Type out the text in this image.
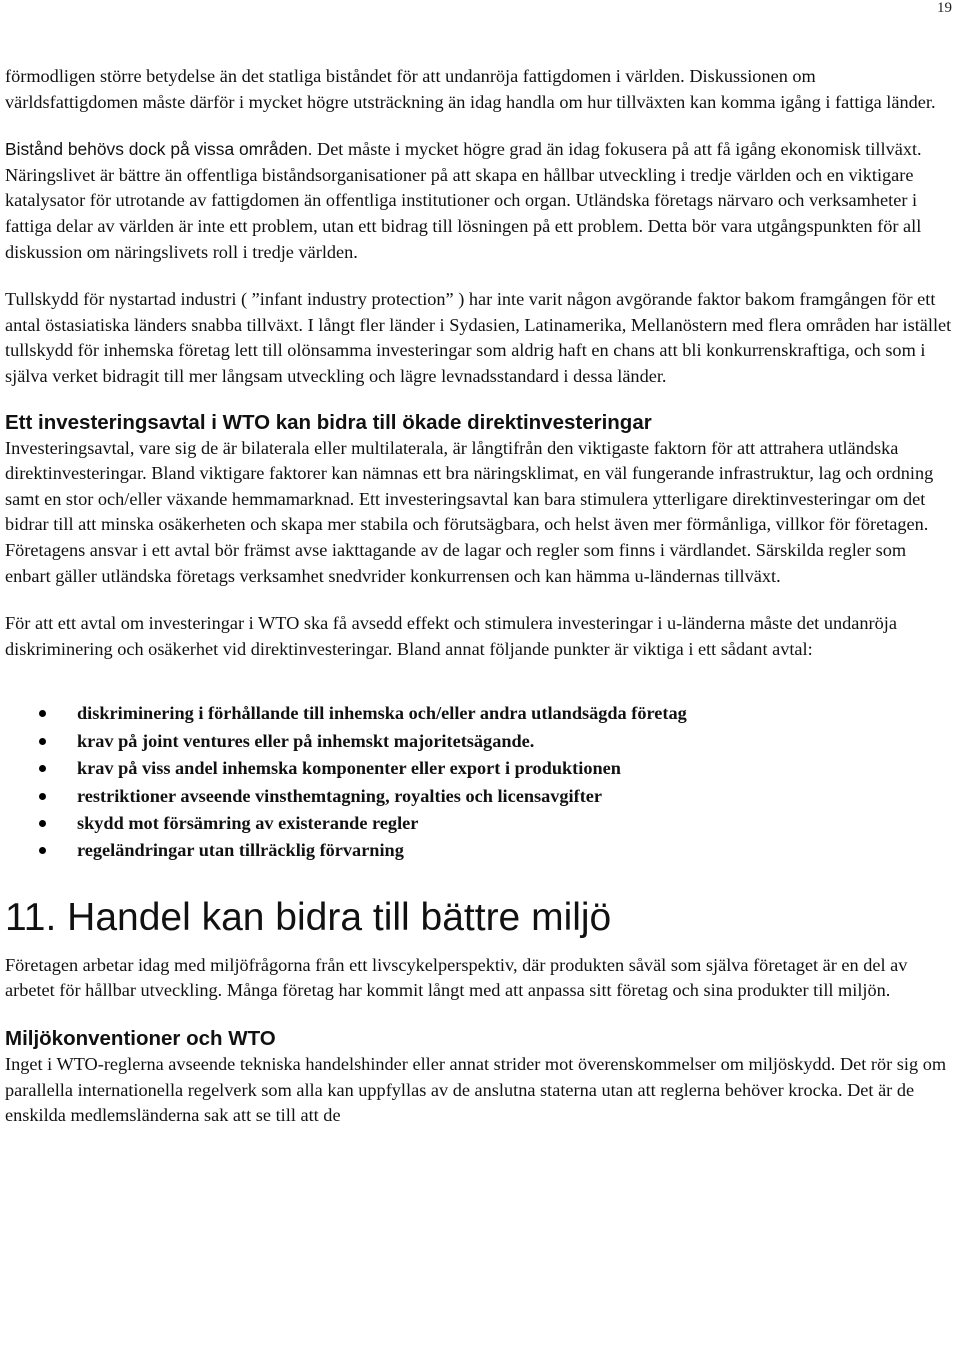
19

förmodligen större betydelse än det statliga biståndet för att undanröja fattigdomen i världen. Diskussionen om världsfattigdomen måste därför i mycket högre utsträckning än idag handla om hur tillväxten kan komma igång i fattiga länder.

Bistånd behövs dock på vissa områden. Det måste i mycket högre grad än idag fokusera på att få igång ekonomisk tillväxt. Näringslivet är bättre än offentliga biståndsorganisationer på att skapa en hållbar utveckling i tredje världen och en viktigare katalysator för utrotande av fattigdomen än offentliga institutioner och organ. Utländska företags närvaro och verksamheter i fattiga delar av världen är inte ett problem, utan ett bidrag till lösningen på ett problem. Detta bör vara utgångspunkten för all diskussion om näringslivets roll i tredje världen.

Tullskydd för nystartad industri ( ”infant industry protection” ) har inte varit någon avgörande faktor bakom framgången för ett antal östasiatiska länders snabba tillväxt. I långt fler länder i Sydasien, Latinamerika, Mellanöstern med flera områden har istället tullskydd för inhemska företag lett till olönsamma investeringar som aldrig haft en chans att bli konkurrenskraftiga, och som i själva verket bidragit till mer långsam utveckling och lägre levnadsstandard i dessa länder.

Ett investeringsavtal i WTO kan bidra till ökade direktinvesteringar

Investeringsavtal, vare sig de är bilaterala eller multilaterala, är långtifrån den viktigaste faktorn för att attrahera utländska direktinvesteringar. Bland viktigare faktorer kan nämnas ett bra näringsklimat, en väl fungerande infrastruktur, lag och ordning samt en stor och/eller växande hemmamarknad. Ett investeringsavtal kan bara stimulera ytterligare direktinvesteringar om det bidrar till att minska osäkerheten och skapa mer stabila och förutsägbara, och helst även mer förmånliga, villkor för företagen. Företagens ansvar i ett avtal bör främst avse iakttagande av de lagar och regler som finns i värdlandet. Särskilda regler som enbart gäller utländska företags verksamhet snedvrider konkurrensen och kan hämma u-ländernas tillväxt.

För att ett avtal om investeringar i WTO ska få avsedd effekt och stimulera investeringar i u-länderna måste det undanröja diskriminering och osäkerhet vid direktinvesteringar. Bland annat följande punkter är viktiga i ett sådant avtal:

diskriminering i förhållande till inhemska och/eller andra utlandsägda företag
krav på joint ventures eller på inhemskt majoritetsägande.
krav på viss andel inhemska komponenter eller export i produktionen
restriktioner avseende vinsthemtagning, royalties och licensavgifter
skydd mot försämring av existerande regler
regeländringar utan tillräcklig förvarning
11. Handel kan bidra till bättre miljö

Företagen arbetar idag med miljöfrågorna från ett livscykelperspektiv, där produkten såväl som själva företaget är en del av arbetet för hållbar utveckling. Många företag har kommit långt med att anpassa sitt företag och sina produkter till miljön.

Miljökonventioner och WTO

Inget i WTO-reglerna avseende tekniska handelshinder eller annat strider mot överenskommelser om miljöskydd. Det rör sig om parallella internationella regelverk som alla kan uppfyllas av de anslutna staterna utan att reglerna behöver krocka. Det är de enskilda medlemsländerna sak att se till att de
